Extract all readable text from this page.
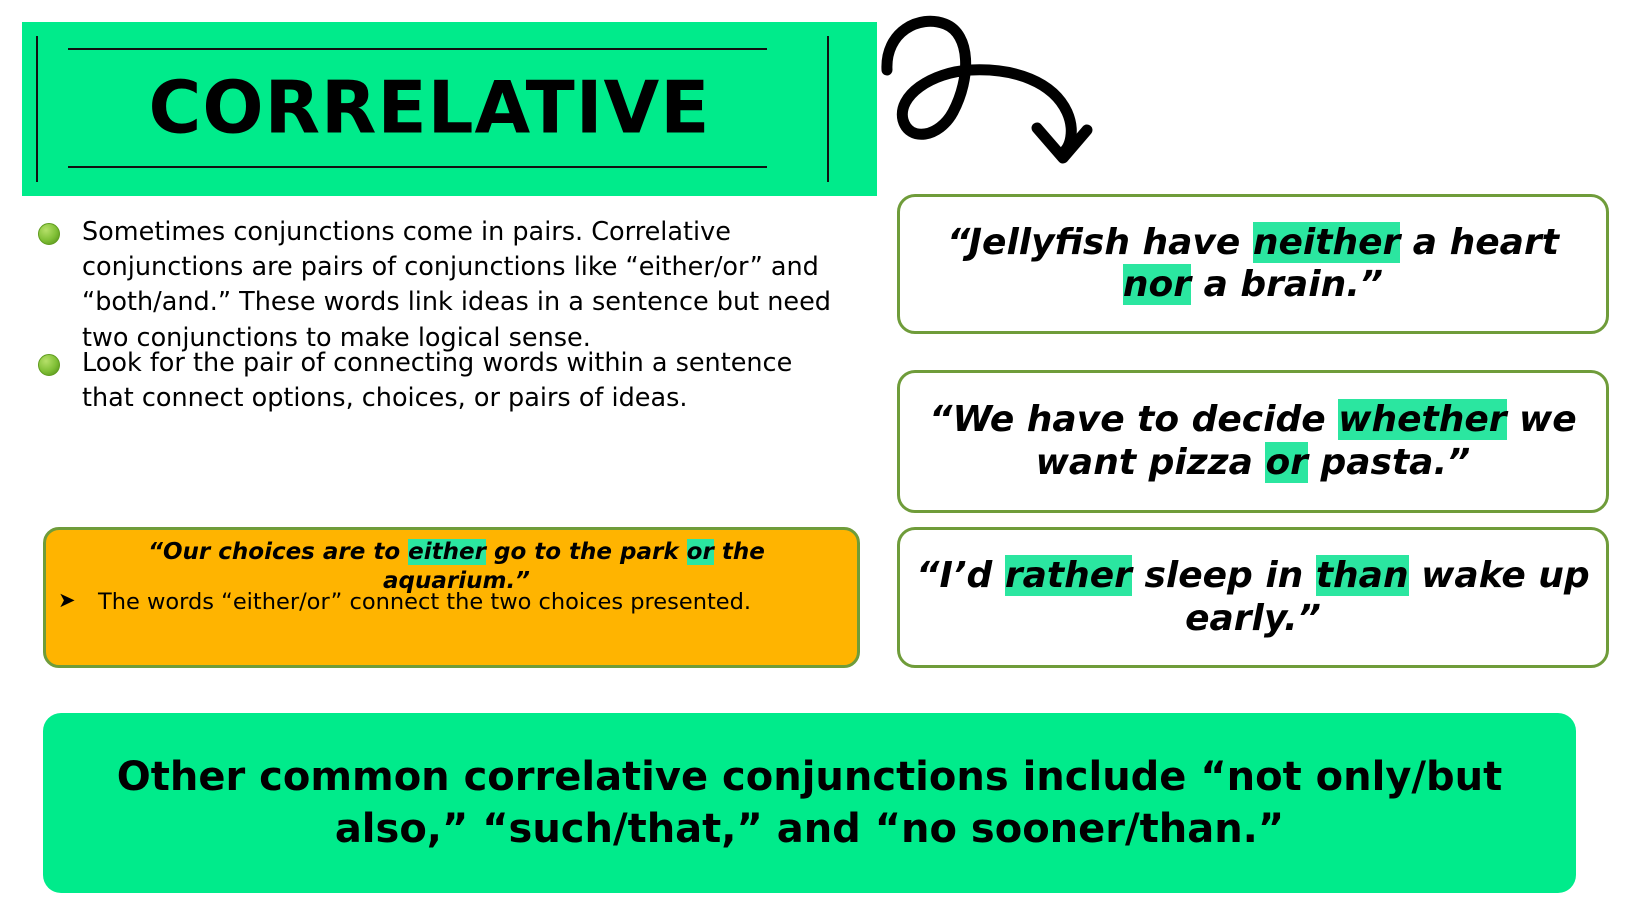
CORRELATIVE
Sometimes conjunctions come in pairs. Correlative conjunctions are pairs of conjunctions like “either/or” and “both/and.” These words link ideas in a sentence but need two conjunctions to make logical sense.
Look for the pair of connecting words within a sentence that connect options, choices, or pairs of ideas.
“Our choices are to either go to the park or the aquarium.”
➤ The words “either/or” connect the two choices presented.
“Jellyfish have neither a heart nor a brain.”
“We have to decide whether we want pizza or pasta.”
“I’d rather sleep in than wake up early.”
Other common correlative conjunctions include “not only/but also,” “such/that,” and “no sooner/than.”
